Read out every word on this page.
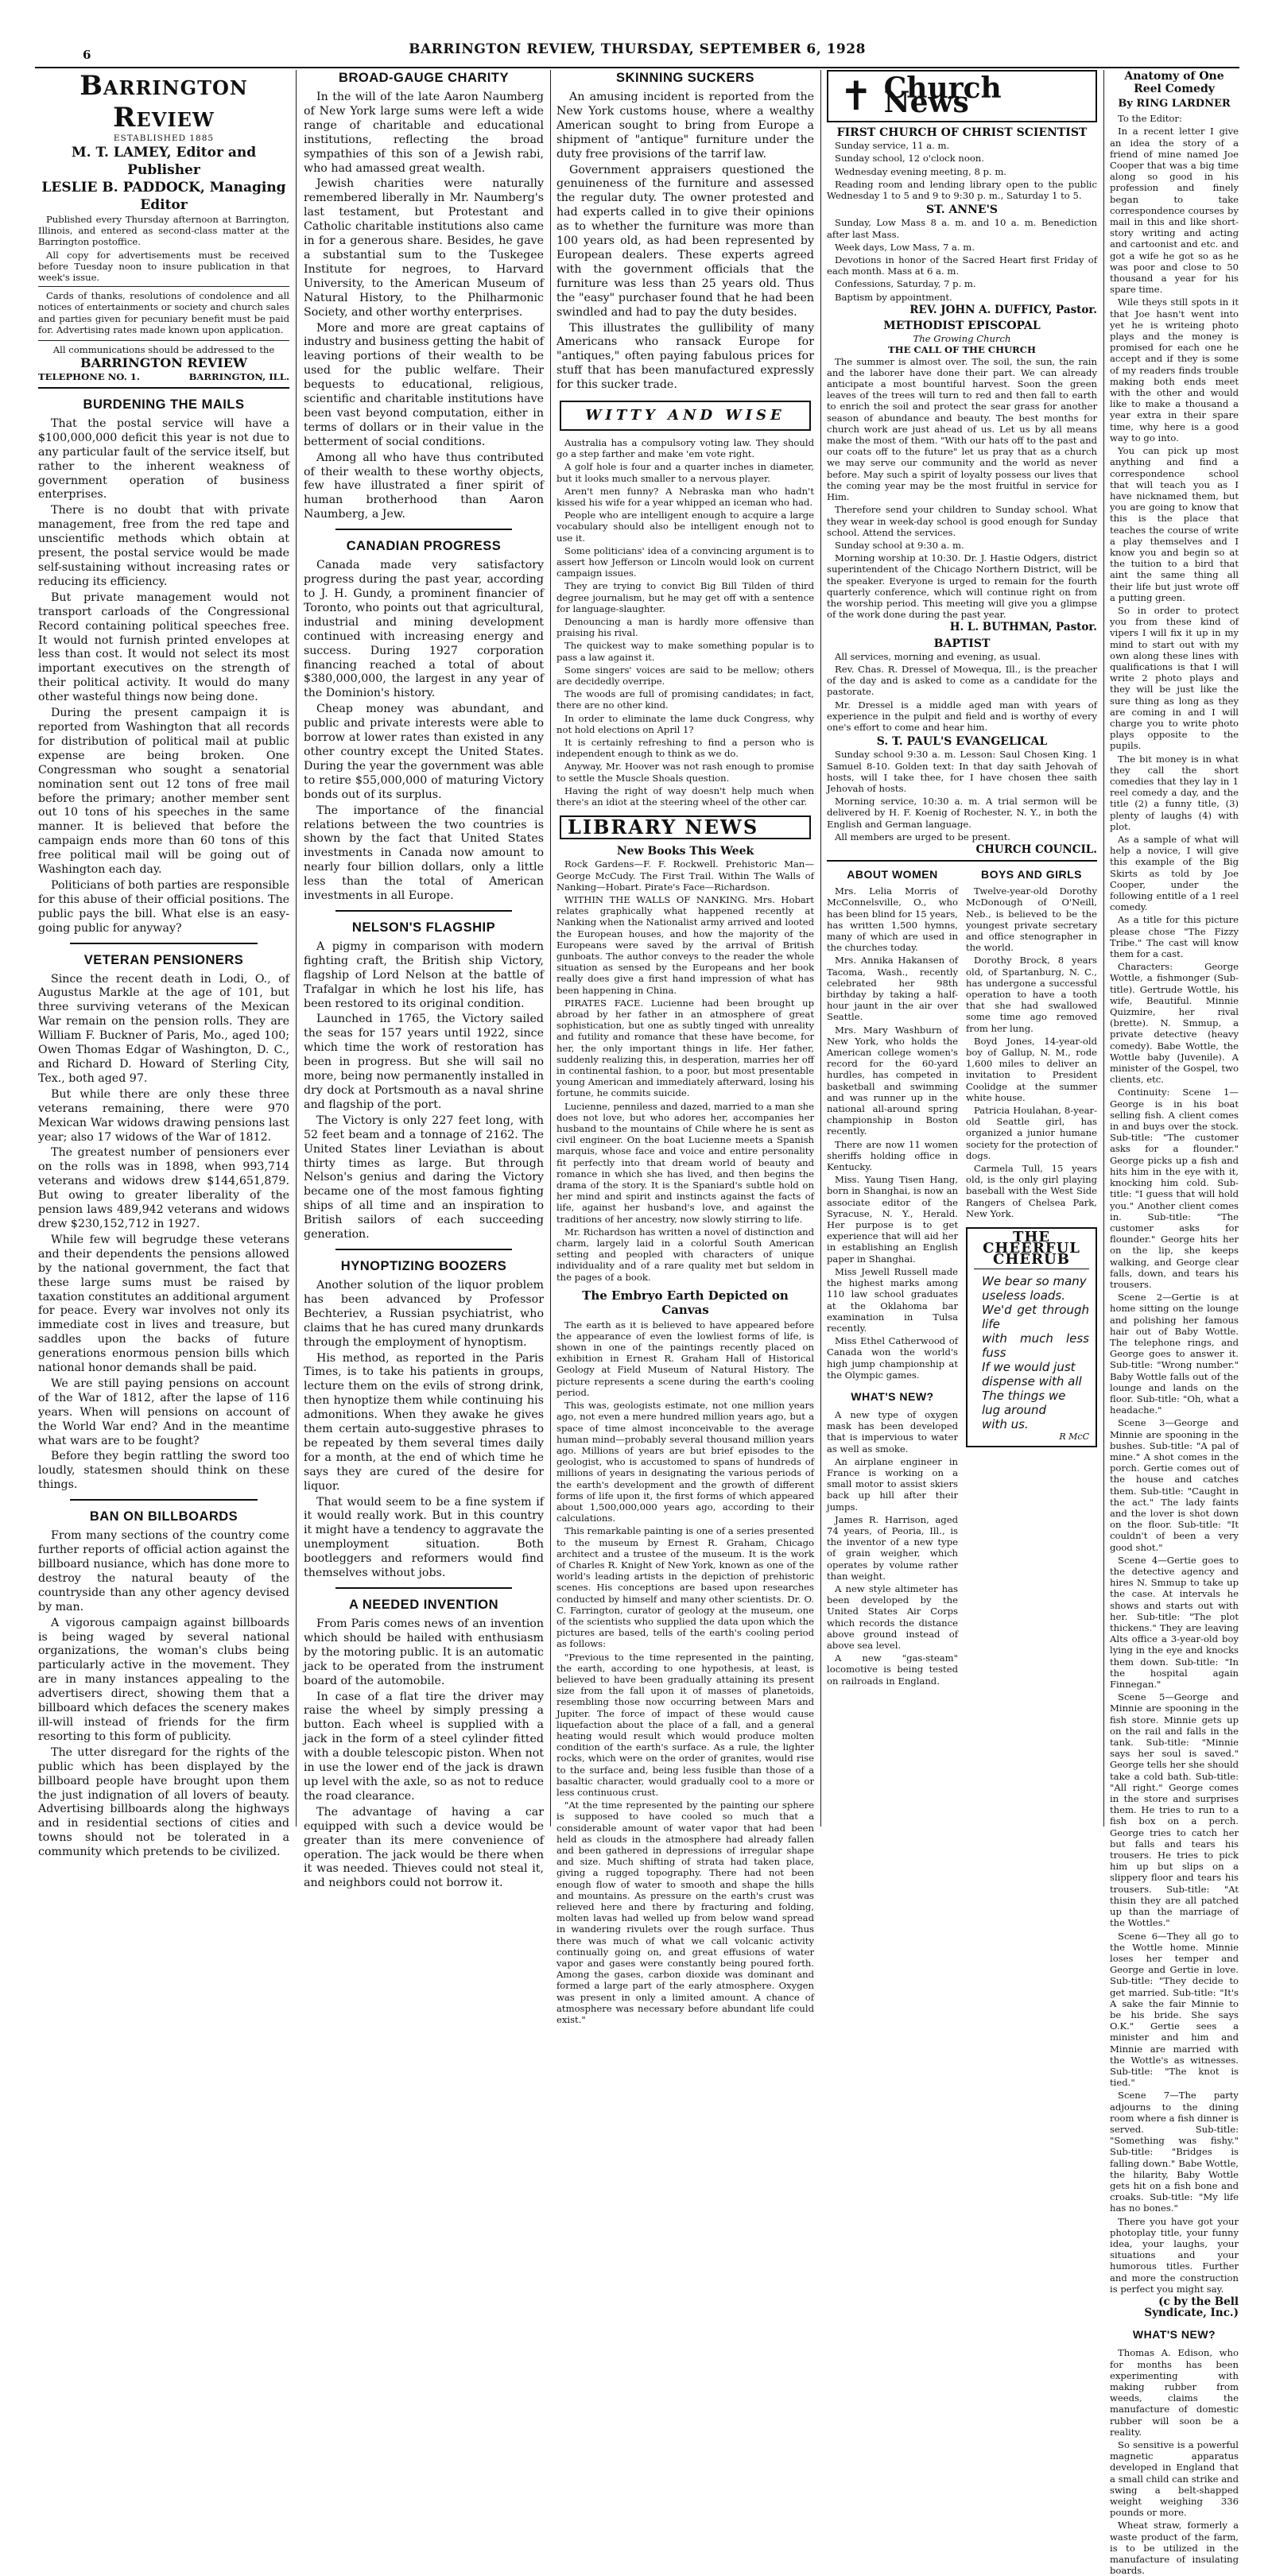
6	BARRINGTON REVIEW, THURSDAY, SEPTEMBER 6, 1928
Barrington Review
ESTABLISHED 1885
M. T. LAMEY, Editor and Publisher
LESLIE B. PADDOCK, Managing Editor

Published every Thursday afternoon at Barrington, Illinois, and entered as second-class matter at the Barrington postoffice.

All copy for advertisements must be received before Tuesday noon to insure publication in that week's issue.

Cards of thanks, resolutions of condolence and all notices of entertainments or society and church sales and parties given for pecuniary benefit must be paid for. Advertising rates made known upon application.

All communications should be addressed to the
BARRINGTON REVIEW
TELEPHONE NO. 1.	BARRINGTON, ILL.
BURDENING THE MAILS

That the postal service will have a $100,000,000 deficit this year is not due to any particular fault of the service itself, but rather to the inherent weakness of government operation of business enterprises.

There is no doubt that with private management, free from the red tape and unscientific methods which obtain at present, the postal service would be made self-sustaining without increasing rates or reducing its efficiency.

But private management would not transport carloads of the Congressional Record containing political speeches free. It would not furnish printed envelopes at less than cost. It would not select its most important executives on the strength of their political activity. It would do many other wasteful things now being done.

During the present campaign it is reported from Washington that all records for distribution of political mail at public expense are being broken. One Congressman who sought a senatorial nomination sent out 12 tons of free mail before the primary; another member sent out 10 tons of his speeches in the same manner. It is believed that before the campaign ends more than 60 tons of this free political mail will be going out of Washington each day.

Politicians of both parties are responsible for this abuse of their official positions. The public pays the bill. What else is an easy-going public for anyway?

VETERAN PENSIONERS

Since the recent death in Lodi, O., of Augustus Markle at the age of 101, but three surviving veterans of the Mexican War remain on the pension rolls. They are William F. Buckner of Paris, Mo., aged 100; Owen Thomas Edgar of Washington, D. C., and Richard D. Howard of Sterling City, Tex., both aged 97.

But while there are only these three veterans remaining, there were 970 Mexican War widows drawing pensions last year; also 17 widows of the War of 1812.

The greatest number of pensioners ever on the rolls was in 1898, when 993,714 veterans and widows drew $144,651,879. But owing to greater liberality of the pension laws 489,942 veterans and widows drew $230,152,712 in 1927.

While few will begrudge these veterans and their dependents the pensions allowed by the national government, the fact that these large sums must be raised by taxation constitutes an additional argument for peace. Every war involves not only its immediate cost in lives and treasure, but saddles upon the backs of future generations enormous pension bills which national honor demands shall be paid.

We are still paying pensions on account of the War of 1812, after the lapse of 116 years. When will pensions on account of the World War end? And in the meantime what wars are to be fought?

Before they begin rattling the sword too loudly, statesmen should think on these things.

BAN ON BILLBOARDS

From many sections of the country come further reports of official action against the billboard nusiance, which has done more to destroy the natural beauty of the countryside than any other agency devised by man.

A vigorous campaign against billboards is being waged by several national organizations, the woman's clubs being particularly active in the movement. They are in many instances appealing to the advertisers direct, showing them that a billboard which defaces the scenery makes ill-will instead of friends for the firm resorting to this form of publicity.

The utter disregard for the rights of the public which has been displayed by the billboard people have brought upon them the just indignation of all lovers of beauty. Advertising billboards along the highways and in residential sections of cities and towns should not be tolerated in a community which pretends to be civilized.

BROAD-GAUGE CHARITY

In the will of the late Aaron Naumberg of New York large sums were left a wide range of charitable and educational institutions, reflecting the broad sympathies of this son of a Jewish rabi, who had amassed great wealth.

Jewish charities were naturally remembered liberally in Mr. Naumberg's last testament, but Protestant and Catholic charitable institutions also came in for a generous share. Besides, he gave a substantial sum to the Tuskegee Institute for negroes, to Harvard University, to the American Museum of Natural History, to the Philharmonic Society, and other worthy enterprises.

More and more are great captains of industry and business getting the habit of leaving portions of their wealth to be used for the public welfare. Their bequests to educational, religious, scientific and charitable institutions have been vast beyond computation, either in terms of dollars or in their value in the betterment of social conditions.

Among all who have thus contributed of their wealth to these worthy objects, few have illustrated a finer spirit of human brotherhood than Aaron Naumberg, a Jew.

CANADIAN PROGRESS

Canada made very satisfactory progress during the past year, according to J. H. Gundy, a prominent financier of Toronto, who points out that agricultural, industrial and mining development continued with increasing energy and success. During 1927 corporation financing reached a total of about $380,000,000, the largest in any year of the Dominion's history.

Cheap money was abundant, and public and private interests were able to borrow at lower rates than existed in any other country except the United States. During the year the government was able to retire $55,000,000 of maturing Victory bonds out of its surplus.

The importance of the financial relations between the two countries is shown by the fact that United States investments in Canada now amount to nearly four billion dollars, only a little less than the total of American investments in all Europe.

NELSON'S FLAGSHIP

A pigmy in comparison with modern fighting craft, the British ship Victory, flagship of Lord Nelson at the battle of Trafalgar in which he lost his life, has been restored to its original condition.

Launched in 1765, the Victory sailed the seas for 157 years until 1922, since which time the work of restoration has been in progress. But she will sail no more, being now permanently installed in dry dock at Portsmouth as a naval shrine and flagship of the port.

The Victory is only 227 feet long, with 52 feet beam and a tonnage of 2162. The United States liner Leviathan is about thirty times as large. But through Nelson's genius and daring the Victory became one of the most famous fighting ships of all time and an inspiration to British sailors of each succeeding generation.

HYNOPTIZING BOOZERS

Another solution of the liquor problem has been advanced by Professor Bechteriev, a Russian psychiatrist, who claims that he has cured many drunkards through the employment of hynoptism.

His method, as reported in the Paris Times, is to take his patients in groups, lecture them on the evils of strong drink, then hynoptize them while continuing his admonitions. When they awake he gives them certain auto-suggestive phrases to be repeated by them several times daily for a month, at the end of which time he says they are cured of the desire for liquor.

That would seem to be a fine system if it would really work. But in this country it might have a tendency to aggravate the unemployment situation. Both bootleggers and reformers would find themselves without jobs.

A NEEDED INVENTION

From Paris comes news of an invention which should be hailed with enthusiasm by the motoring public. It is an automatic jack to be operated from the instrument board of the automobile.

In case of a flat tire the driver may raise the wheel by simply pressing a button. Each wheel is supplied with a jack in the form of a steel cylinder fitted with a double telescopic piston. When not in use the lower end of the jack is drawn up level with the axle, so as not to reduce the road clearance.

The advantage of having a car equipped with such a device would be greater than its mere convenience of operation. The jack would be there when it was needed. Thieves could not steal it, and neighbors could not borrow it.

SKINNING SUCKERS

An amusing incident is reported from the New York customs house, where a wealthy American sought to bring from Europe a shipment of "antique" furniture under the duty free provisions of the tarrif law.

Government appraisers questioned the genuineness of the furniture and assessed the regular duty. The owner protested and had experts called in to give their opinions as to whether the furniture was more than 100 years old, as had been represented by European dealers. These experts agreed with the government officials that the furniture was less than 25 years old. Thus the "easy" purchaser found that he had been swindled and had to pay the duty besides.

This illustrates the gullibility of many Americans who ransack Europe for "antiques," often paying fabulous prices for stuff that has been manufactured expressly for this sucker trade.

WITTY AND WISE

Australia has a compulsory voting law. They should go a step farther and make 'em vote right.

A golf hole is four and a quarter inches in diameter, but it looks much smaller to a nervous player.

Aren't men funny? A Nebraska man who hadn't kissed his wife for a year whipped an iceman who had.

People who are intelligent enough to acquire a large vocabulary should also be intelligent enough not to use it.

Some politicians' idea of a convincing argument is to assert how Jefferson or Lincoln would look on current campaign issues.

They are trying to convict Big Bill Tilden of third degree journalism, but he may get off with a sentence for language-slaughter.

Denouncing a man is hardly more offensive than praising his rival.

The quickest way to make something popular is to pass a law against it.

Some singers' voices are said to be mellow; others are decidedly overripe.

The woods are full of promising candidates; in fact, there are no other kind.

In order to eliminate the lame duck Congress, why not hold elections on April 1?

It is certainly refreshing to find a person who is independent enough to think as we do.

Anyway, Mr. Hoover was not rash enough to promise to settle the Muscle Shoals question.

Having the right of way doesn't help much when there's an idiot at the steering wheel of the other car.

LIBRARY NEWS
New Books This Week

Rock Gardens—F. F. Rockwell. Prehistoric Man—George McCudy. The First Trail. Within The Walls of Nanking—Hobart. Pirate's Face—Richardson.

WITHIN THE WALLS OF NANKING. Mrs. Hobart relates graphically what happened recently at Nanking when the Nationalist army arrived and looted the European houses, and how the majority of the Europeans were saved by the arrival of British gunboats. The author conveys to the reader the whole situation as sensed by the Europeans and her book really does give a first hand impression of what has been happening in China.

PIRATES FACE. Lucienne had been brought up abroad by her father in an atmosphere of great sophistication, but one as subtly tinged with unreality and futility and romance that these have become, for her, the only important things in life. Her father, suddenly realizing this, in desperation, marries her off in continental fashion, to a poor, but most presentable young American and immediately afterward, losing his fortune, he commits suicide.

Lucienne, penniless and dazed, married to a man she does not love, but who adores her, accompanies her husband to the mountains of Chile where he is sent as civil engineer. On the boat Lucienne meets a Spanish marquis, whose face and voice and entire personality fit perfectly into that dream world of beauty and romance in which she has lived, and then begins the drama of the story. It is the Spaniard's subtle hold on her mind and spirit and instincts against the facts of life, against her husband's love, and against the traditions of her ancestry, now slowly stirring to life.

Mr. Richardson has written a novel of distinction and charm, largely laid in a colorful South American setting and peopled with characters of unique individuality and of a rare quality met but seldom in the pages of a book.

The Embryo Earth Depicted on Canvas

The earth as it is believed to have appeared before the appearance of even the lowliest forms of life, is shown in one of the paintings recently placed on exhibition in Ernest R. Graham Hall of Historical Geology at Field Museum of Natural History. The picture represents a scene during the earth's cooling period.

This was, geologists estimate, not one million years ago, not even a mere hundred million years ago, but a space of time almost inconceivable to the average human mind—probably several thousand million years ago. Millions of years are but brief episodes to the geologist, who is accustomed to spans of hundreds of millions of years in designating the various periods of the earth's development and the growth of different forms of life upon it, the first forms of which appeared about 1,500,000,000 years ago, according to their calculations.

This remarkable painting is one of a series presented to the museum by Ernest R. Graham, Chicago architect and a trustee of the museum. It is the work of Charles R. Knight of New York, known as one of the world's leading artists in the depiction of prehistoric scenes. His conceptions are based upon researches conducted by himself and many other scientists. Dr. O. C. Farrington, curator of geology at the museum, one of the scientists who supplied the data upon which the pictures are based, tells of the earth's cooling period as follows:

"Previous to the time represented in the painting, the earth, according to one hypothesis, at least, is believed to have been gradually attaining its present size from the fall upon it of masses of planetoids, resembling those now occurring between Mars and Jupiter. The force of impact of these would cause liquefaction about the place of a fall, and a general heating would result which would produce molten condition of the earth's surface. As a rule, the lighter rocks, which were on the order of granites, would rise to the surface and, being less fusible than those of a basaltic character, would gradually cool to a more or less continuous crust.

"At the time represented by the painting our sphere is supposed to have cooled so much that a considerable amount of water vapor that had been held as clouds in the atmosphere had already fallen and been gathered in depressions of irregular shape and size. Much shifting of strata had taken place, giving a rugged topography. There had not been enough flow of water to smooth and shape the hills and mountains. As pressure on the earth's crust was relieved here and there by fracturing and folding, molten lavas had welled up from below wand spread in wandering rivulets over the rough surface. Thus there was much of what we call volcanic activity continually going on, and great effusions of water vapor and gases were constantly being poured forth. Among the gases, carbon dioxide was dominant and formed a large part of the early atmosphere. Oxygen was present in only a limited amount. A chance of atmosphere was necessary before abundant life could exist."

✝ Church News
FIRST CHURCH OF CHRIST SCIENTIST

Sunday service, 11 a. m.

Sunday school, 12 o'clock noon.

Wednesday evening meeting, 8 p. m.

Reading room and lending library open to the public Wednesday 1 to 5 and 9 to 9:30 p. m., Saturday 1 to 5.

ST. ANNE'S

Sunday, Low Mass 8 a. m. and 10 a. m. Benediction after last Mass.

Week days, Low Mass, 7 a. m.

Devotions in honor of the Sacred Heart first Friday of each month. Mass at 6 a. m.

Confessions, Saturday, 7 p. m.

Baptism by appointment.

REV. JOHN A. DUFFICY, Pastor.
METHODIST EPISCOPAL
The Growing Church
THE CALL OF THE CHURCH

The summer is almost over. The soil, the sun, the rain and the laborer have done their part. We can already anticipate a most bountiful harvest. Soon the green leaves of the trees will turn to red and then fall to earth to enrich the soil and protect the sear grass for another season of abundance and beauty. The best months for church work are just ahead of us. Let us by all means make the most of them. "With our hats off to the past and our coats off to the future" let us pray that as a church we may serve our community and the world as never before. May such a spirit of loyalty possess our lives that the coming year may be the most fruitful in service for Him.

Therefore send your children to Sunday school. What they wear in week-day school is good enough for Sunday school. Attend the services.

Sunday school at 9:30 a. m.

Morning worship at 10:30. Dr. J. Hastie Odgers, district superintendent of the Chicago Northern District, will be the speaker. Everyone is urged to remain for the fourth quarterly conference, which will continue right on from the worship period. This meeting will give you a glimpse of the work done during the past year.

H. L. BUTHMAN, Pastor.
BAPTIST

All services, morning and evening, as usual.

Rev. Chas. R. Dressel of Mowequa, Ill., is the preacher of the day and is asked to come as a candidate for the pastorate.

Mr. Dressel is a middle aged man with years of experience in the pulpit and field and is worthy of every one's effort to come and hear him.

S. T. PAUL'S EVANGELICAL

Sunday school 9:30 a. m. Lesson: Saul Chosen King. 1 Samuel 8-10. Golden text: In that day saith Jehovah of hosts, will I take thee, for I have chosen thee saith Jehovah of hosts.

Morning service, 10:30 a. m. A trial sermon will be delivered by H. F. Koenig of Rochester, N. Y., in both the English and German language.

All members are urged to be present.

CHURCH COUNCIL.
ABOUT WOMEN

Mrs. Lelia Morris of McConnelsville, O., who has been blind for 15 years, has written 1,500 hymns, many of which are used in the churches today.

Mrs. Annika Hakansen of Tacoma, Wash., recently celebrated her 98th birthday by taking a half-hour jaunt in the air over Seattle.

Mrs. Mary Washburn of New York, who holds the American college women's record for the 60-yard hurdles, has competed in basketball and swimming and was runner up in the national all-around spring championship in Boston recently.

There are now 11 women sheriffs holding office in Kentucky.

Miss. Yaung Tisen Hang, born in Shanghai, is now an associate editor of the Syracuse, N. Y., Herald. Her purpose is to get experience that will aid her in establishing an English paper in Shanghai.

Miss Jewell Russell made the highest marks among 110 law school graduates at the Oklahoma bar examination in Tulsa recently.

Miss Ethel Catherwood of Canada won the world's high jump championship at the Olympic games.

WHAT'S NEW?

A new type of oxygen mask has been developed that is impervious to water as well as smoke.

An airplane engineer in France is working on a small motor to assist skiers back up hill after their jumps.

James R. Harrison, aged 74 years, of Peoria, Ill., is the inventor of a new type of grain weigher, which operates by volume rather than weight.

A new style altimeter has been developed by the United States Air Corps which records the distance above ground instead of above sea level.

A new "gas-steam" locomotive is being tested on railroads in England.

BOYS AND GIRLS

Twelve-year-old Dorothy McDonough of O'Neill, Neb., is believed to be the youngest private secretary and office stenographer in the world.

Dorothy Brock, 8 years old, of Spartanburg, N. C., has undergone a successful operation to have a tooth that she had swallowed some time ago removed from her lung.

Boyd Jones, 14-year-old boy of Gallup, N. M., rode 1,600 miles to deliver an invitation to President Coolidge at the summer white house.

Patricia Houlahan, 8-year-old Seattle girl, has organized a junior humane society for the protection of dogs.

Carmela Tull, 15 years old, is the only girl playing baseball with the West Side Rangers of Chelsea Park, New York.

THE CHEERFUL CHERUB
We bear so many
useless loads.
We'd get through life
with much less fuss
If we would just
dispense with all
The things we
lug around
with us.
R McC
Anatomy of One Reel Comedy
By RING LARDNER

To the Editor:

In a recent letter I give an idea the story of a friend of mine named Joe Cooper that was a big time along so good in his profession and finely began to take correspondence courses by mail in this and like short-story writing and acting and cartoonist and etc. and got a wife he got so as he was poor and close to 50 thousand a year for his spare time.

Wile theys still spots in it that Joe hasn't went into yet he is writeing photo plays and the money is promised for each one he accept and if they is some of my readers finds trouble making both ends meet with the other and would like to make a thousand a year extra in their spare time, why here is a good way to go into.

You can pick up most anything and find a correspondence school that will teach you as I have nicknamed them, but you are going to know that this is the place that teaches the course of write a play themselves and I know you and begin so at the tuition to a bird that aint the same thing all their life but just wrote off a putting green.

So in order to protect you from these kind of vipers I will fix it up in my mind to start out with my own along these lines with qualifications is that I will write 2 photo plays and they will be just like the sure thing as long as they are coming in and I will charge you to write photo plays opposite to the pupils.

The bit money is in what they call the short comedies that they lay in 1 reel comedy a day, and the title (2) a funny title, (3) plenty of laughs (4) with plot.

As a sample of what will help a novice, I will give this example of the Big Skirts as told by Joe Cooper, under the following entitle of a 1 reel comedy.

As a title for this picture please chose "The Fizzy Tribe." The cast will know them for a cast.

Characters: George Wottle, a fishmonger (Sub-title). Gertrude Wottle, his wife, Beautiful. Minnie Quizmire, her rival (brette). N. Smmup, a private detective (heavy comedy). Babe Wottle, the Wottle baby (Juvenile). A minister of the Gospel, two clients, etc.

Continuity: Scene 1—George is in his boat selling fish. A client comes in and buys over the stock. Sub-title: "The customer asks for a flounder." George picks up a fish and hits him in the eye with it, knocking him cold. Sub-title: "I guess that will hold you." Another client comes in. Sub-title: "The customer asks for flounder." George hits her on the lip, she keeps walking, and George clear falls, down, and tears his trousers.

Scene 2—Gertie is at home sitting on the lounge and polishing her famous hair out of Baby Wottle. The telephone rings, and George goes to answer it. Sub-title: "Wrong number." Baby Wottle falls out of the lounge and lands on the floor. Sub-title: "Oh, what a headache."

Scene 3—George and Minnie are spooning in the bushes. Sub-title: "A pal of mine." A shot comes in the porch. Gertie comes out of the house and catches them. Sub-title: "Caught in the act." The lady faints and the lover is shot down on the floor. Sub-title: "It couldn't of been a very good shot."

Scene 4—Gertie goes to the detective agency and hires N. Smmup to take up the case. At intervals he shows and starts out with her. Sub-title: "The plot thickens." They are leaving Alts office a 3-year-old boy lying in the eye and knocks them down. Sub-title: "In the hospital again Finnegan."

Scene 5—George and Minnie are spooning in the fish store. Minnie gets up on the rail and falls in the tank. Sub-title: "Minnie says her soul is saved." George tells her she should take a cold bath. Sub-title: "All right." George comes in the store and surprises them. He tries to run to a fish box on a perch. George tries to catch her but falls and tears his trousers. He tries to pick him up but slips on a slippery floor and tears his trousers. Sub-title: "At thisin they are all patched up than the marriage of the Wottles."

Scene 6—They all go to the Wottle home. Minnie loses her temper and George and Gertie in love. Sub-title: "They decide to get married. Sub-title: "It's A sake the fair Minnie to be his bride. She says O.K." Gertie sees a minister and him and Minnie are married with the Wottle's as witnesses. Sub-title: "The knot is tied."

Scene 7—The party adjourns to the dining room where a fish dinner is served. Sub-title: "Something was fishy." Sub-title: "Bridges is falling down." Babe Wottle, the hilarity, Baby Wottle gets hit on a fish bone and croaks. Sub-title: "My life has no bones."

There you have got your photoplay title, your funny idea, your laughs, your situations and your humorous titles. Further and more the construction is perfect you might say.

(c by the Bell Syndicate, Inc.)
WHAT'S NEW?

Thomas A. Edison, who for months has been experimenting with making rubber from weeds, claims the manufacture of domestic rubber will soon be a reality.

So sensitive is a powerful magnetic apparatus developed in England that a small child can strike and swing a belt-shapped weight weighing 336 pounds or more.

Wheat straw, formerly a waste product of the farm, is to be utilized in the manufacture of insulating boards.
